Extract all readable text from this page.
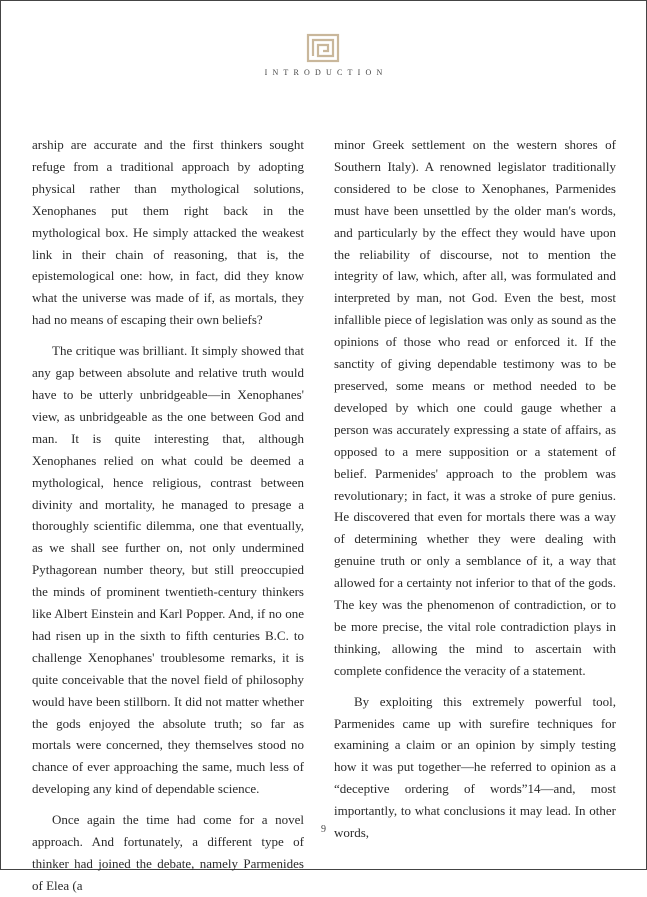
INTRODUCTION

arship are accurate and the first thinkers sought refuge from a traditional approach by adopting physical rather than mythological solutions, Xenophanes put them right back in the mythological box. He simply attacked the weakest link in their chain of reasoning, that is, the epistemological one: how, in fact, did they know what the universe was made of if, as mortals, they had no means of escaping their own beliefs?

The critique was brilliant. It simply showed that any gap between absolute and relative truth would have to be utterly unbridgeable—in Xenophanes' view, as unbridgeable as the one between God and man. It is quite interesting that, although Xenophanes relied on what could be deemed a mythological, hence religious, contrast between divinity and mortality, he managed to presage a thoroughly scientific dilemma, one that eventually, as we shall see further on, not only undermined Pythagorean number theory, but still preoccupied the minds of prominent twentieth-century thinkers like Albert Einstein and Karl Popper. And, if no one had risen up in the sixth to fifth centuries B.C. to challenge Xenophanes' troublesome remarks, it is quite conceivable that the novel field of philosophy would have been stillborn. It did not matter whether the gods enjoyed the absolute truth; so far as mortals were concerned, they themselves stood no chance of ever approaching the same, much less of developing any kind of dependable science.

Once again the time had come for a novel approach. And fortunately, a different type of thinker had joined the debate, namely Parmenides of Elea (a

minor Greek settlement on the western shores of Southern Italy). A renowned legislator traditionally considered to be close to Xenophanes, Parmenides must have been unsettled by the older man's words, and particularly by the effect they would have upon the reliability of discourse, not to mention the integrity of law, which, after all, was formulated and interpreted by man, not God. Even the best, most infallible piece of legislation was only as sound as the opinions of those who read or enforced it. If the sanctity of giving dependable testimony was to be preserved, some means or method needed to be developed by which one could gauge whether a person was accurately expressing a state of affairs, as opposed to a mere supposition or a statement of belief. Parmenides' approach to the problem was revolutionary; in fact, it was a stroke of pure genius. He discovered that even for mortals there was a way of determining whether they were dealing with genuine truth or only a semblance of it, a way that allowed for a certainty not inferior to that of the gods. The key was the phenomenon of contradiction, or to be more precise, the vital role contradiction plays in thinking, allowing the mind to ascertain with complete confidence the veracity of a statement.

By exploiting this extremely powerful tool, Parmenides came up with surefire techniques for examining a claim or an opinion by simply testing how it was put together—he referred to opinion as a “deceptive ordering of words”14—and, most importantly, to what conclusions it may lead. In other words,

9
